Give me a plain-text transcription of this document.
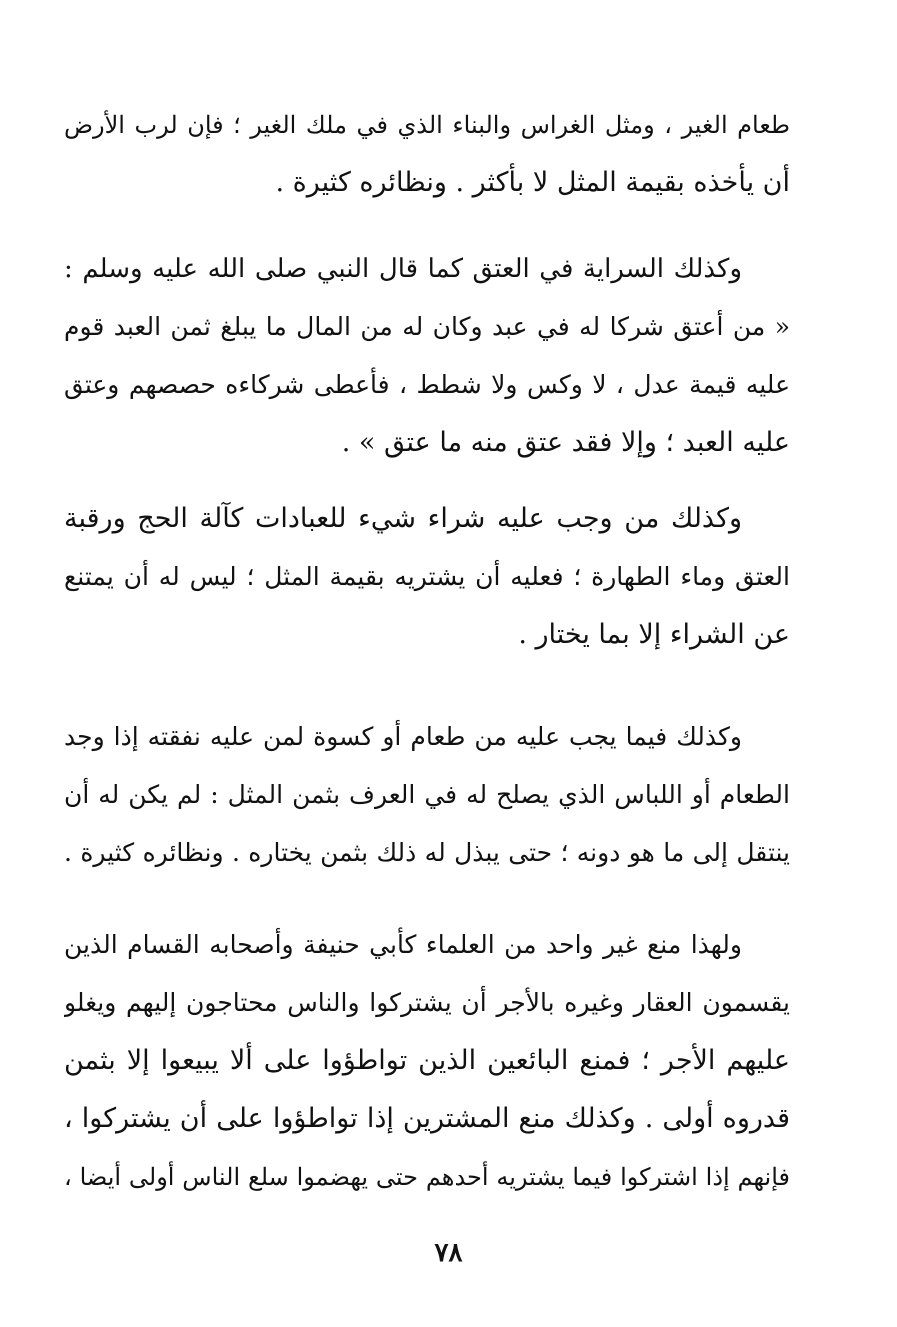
طعام الغير ، ومثل الغراس والبناء الذي في ملك الغير ؛ فإن لرب الأرض
أن يأخذه بقيمة المثل لا بأكثر . ونظائره كثيرة .
وكذلك السراية في العتق كما قال النبي صلى الله عليه وسلم :
« من أعتق شركا له في عبد وكان له من المال ما يبلغ ثمن العبد قوم
عليه قيمة عدل ، لا وكس ولا شطط ، فأعطى شركاءه حصصهم وعتق
عليه العبد ؛ وإلا فقد عتق منه ما عتق » .
وكذلك من وجب عليه شراء شيء للعبادات كآلة الحج ورقبة
العتق وماء الطهارة ؛ فعليه أن يشتريه بقيمة المثل ؛ ليس له أن يمتنع
عن الشراء إلا بما يختار .
وكذلك فيما يجب عليه من طعام أو كسوة لمن عليه نفقته إذا وجد
الطعام أو اللباس الذي يصلح له في العرف بثمن المثل : لم يكن له أن
ينتقل إلى ما هو دونه ؛ حتى يبذل له ذلك بثمن يختاره . ونظائره كثيرة .
ولهذا منع غير واحد من العلماء كأبي حنيفة وأصحابه القسام الذين
يقسمون العقار وغيره بالأجر أن يشتركوا والناس محتاجون إليهم ويغلو
عليهم الأجر ؛ فمنع البائعين الذين تواطؤوا على ألا يبيعوا إلا بثمن
قدروه أولى . وكذلك منع المشترين إذا تواطؤوا على أن يشتركوا ،
فإنهم إذا اشتركوا فيما يشتريه أحدهم حتى يهضموا سلع الناس أولى أيضا ،
٧٨
